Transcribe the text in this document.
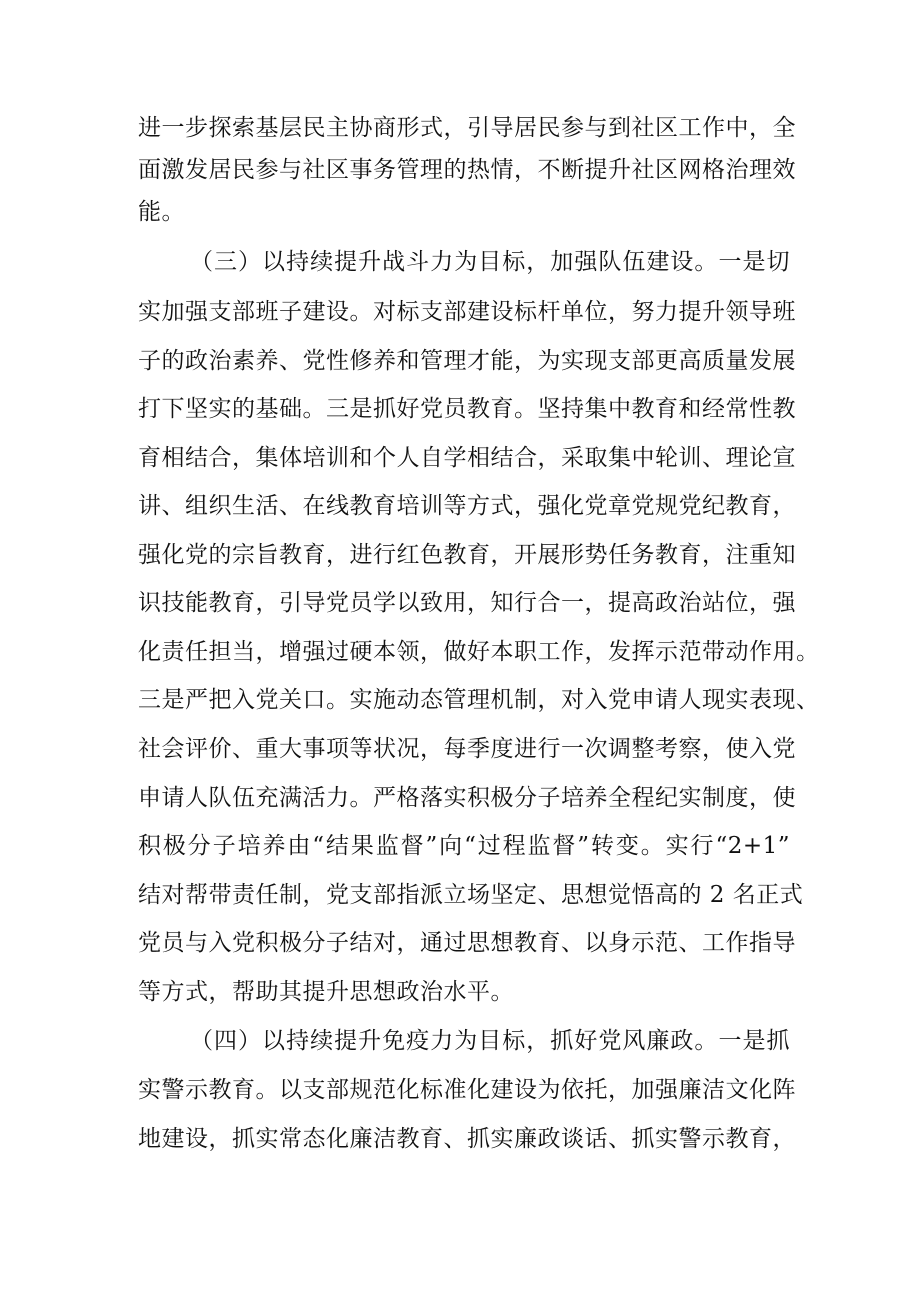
进一步探索基层民主协商形式，引导居民参与到社区工作中，全
面激发居民参与社区事务管理的热情，不断提升社区网格治理效
能。
（三）以持续提升战斗力为目标，加强队伍建设。一是切
实加强支部班子建设。对标支部建设标杆单位，努力提升领导班
子的政治素养、党性修养和管理才能，为实现支部更高质量发展
打下坚实的基础。三是抓好党员教育。坚持集中教育和经常性教
育相结合，集体培训和个人自学相结合，采取集中轮训、理论宣
讲、组织生活、在线教育培训等方式，强化党章党规党纪教育，
强化党的宗旨教育，进行红色教育，开展形势任务教育，注重知
识技能教育，引导党员学以致用，知行合一，提高政治站位，强
化责任担当，增强过硬本领，做好本职工作，发挥示范带动作用。
三是严把入党关口。实施动态管理机制，对入党申请人现实表现、
社会评价、重大事项等状况，每季度进行一次调整考察，使入党
申请人队伍充满活力。严格落实积极分子培养全程纪实制度，使
积极分子培养由“结果监督”向“过程监督”转变。实行“2+1”
结对帮带责任制，党支部指派立场坚定、思想觉悟高的 2 名正式
党员与入党积极分子结对，通过思想教育、以身示范、工作指导
等方式，帮助其提升思想政治水平。
（四）以持续提升免疫力为目标，抓好党风廉政。一是抓
实警示教育。以支部规范化标准化建设为依托，加强廉洁文化阵
地建设，抓实常态化廉洁教育、抓实廉政谈话、抓实警示教育，
